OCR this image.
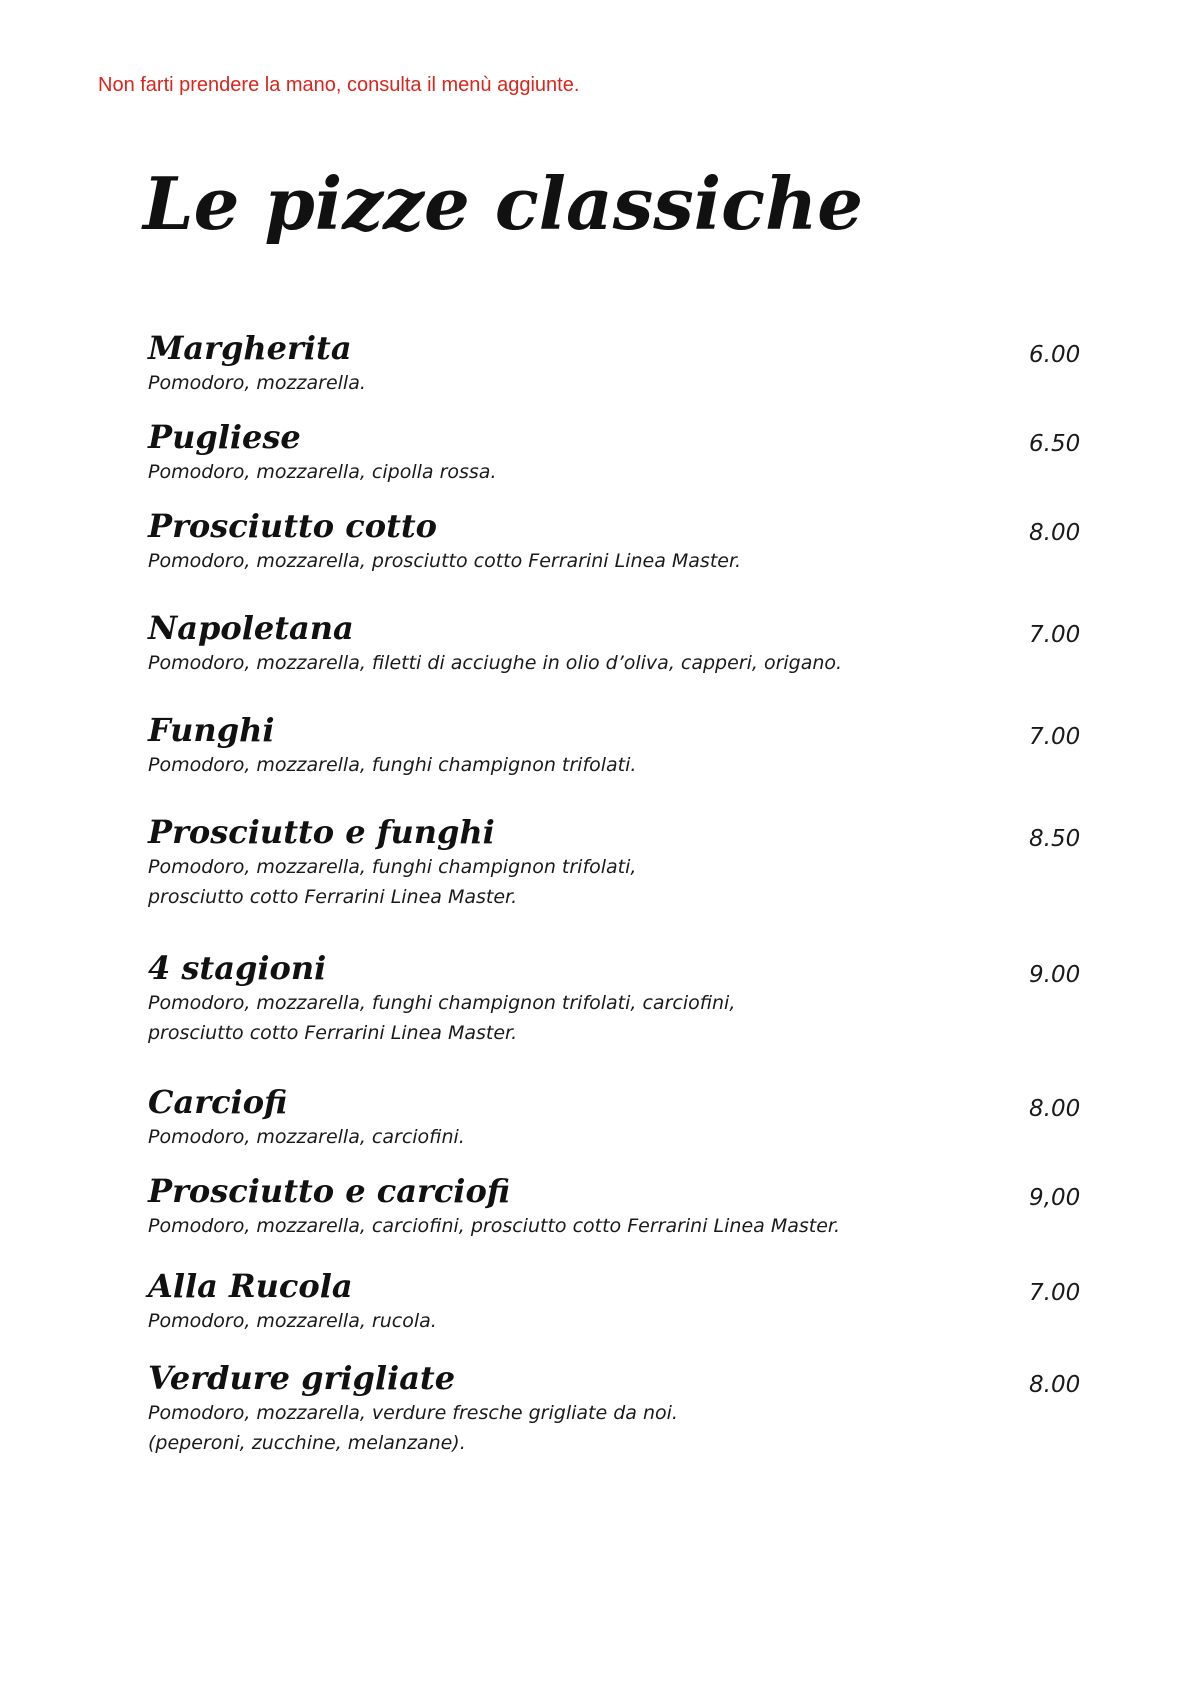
Non farti prendere la mano, consulta il menù aggiunte.
Le pizze classiche
Margherita

Pomodoro, mozzarella.

6.00
Pugliese

Pomodoro, mozzarella, cipolla rossa.

6.50
Prosciutto cotto

Pomodoro, mozzarella, prosciutto cotto Ferrarini Linea Master.

8.00
Napoletana

Pomodoro, mozzarella, filetti di acciughe in olio d’oliva, capperi, origano.

7.00
Funghi

Pomodoro, mozzarella, funghi champignon trifolati.

7.00
Prosciutto e funghi

Pomodoro, mozzarella, funghi champignon trifolati,
prosciutto cotto Ferrarini Linea Master.

8.50
4 stagioni

Pomodoro, mozzarella, funghi champignon trifolati, carciofini,
prosciutto cotto Ferrarini Linea Master.

9.00
Carciofi

Pomodoro, mozzarella, carciofini.

8.00
Prosciutto e carciofi

Pomodoro, mozzarella, carciofini, prosciutto cotto Ferrarini Linea Master.

9,00
Alla Rucola

Pomodoro, mozzarella, rucola.

7.00
Verdure grigliate

Pomodoro, mozzarella, verdure fresche grigliate da noi.
(peperoni, zucchine, melanzane).

8.00
